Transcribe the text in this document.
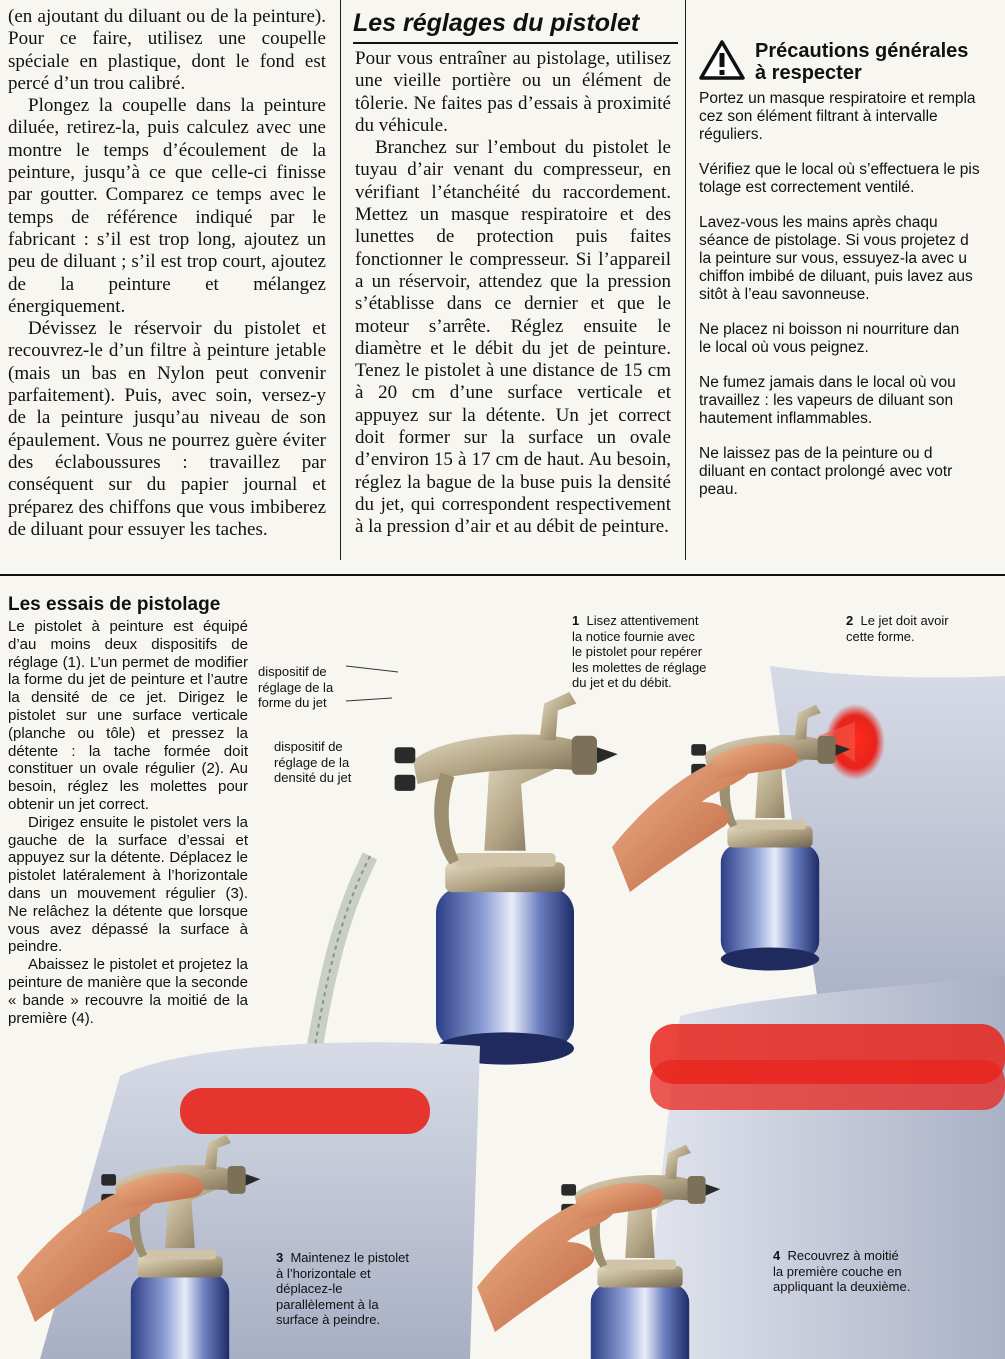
(en ajoutant du diluant ou de la peinture). Pour ce faire, utilisez une coupelle spéciale en plastique, dont le fond est percé d’un trou calibré.

Plongez la coupelle dans la peinture diluée, retirez-la, puis calculez avec une montre le temps d’écoulement de la peinture, jusqu’à ce que celle-ci finisse par goutter. Comparez ce temps avec le temps de référence indiqué par le fabricant : s’il est trop long, ajoutez un peu de diluant ; s’il est trop court, ajoutez de la peinture et mélangez énergiquement.

Dévissez le réservoir du pistolet et recouvrez-le d’un filtre à peinture jetable (mais un bas en Nylon peut convenir parfaitement). Puis, avec soin, versez-y de la peinture jusqu’au niveau de son épaulement. Vous ne pourrez guère éviter des éclaboussures : travaillez par conséquent sur du papier journal et préparez des chiffons que vous imbiberez de diluant pour essuyer les taches.

Les réglages du pistolet

Pour vous entraîner au pistolage, utilisez une vieille portière ou un élément de tôlerie. Ne faites pas d’essais à proximité du véhicule.

Branchez sur l’embout du pistolet le tuyau d’air venant du compresseur, en vérifiant l’étanchéité du raccordement. Mettez un masque respiratoire et des lunettes de protection puis faites fonctionner le compresseur. Si l’appareil a un réservoir, attendez que la pression s’établisse dans ce dernier et que le moteur s’arrête. Réglez ensuite le diamètre et le débit du jet de peinture. Tenez le pistolet à une distance de 15 cm à 20 cm d’une surface verticale et appuyez sur la détente. Un jet correct doit former sur la surface un ovale d’environ 15 à 17 cm de haut. Au besoin, réglez la bague de la buse puis la densité du jet, qui correspondent respectivement à la pression d’air et au débit de peinture.

Précautions générales
à respecter

Portez un masque respiratoire et rempla
cez son élément filtrant à intervalle
réguliers.

Vérifiez que le local où s’effectuera le pis
tolage est correctement ventilé.

Lavez-vous les mains après chaqu
séance de pistolage. Si vous projetez d
la peinture sur vous, essuyez-la avec u
chiffon imbibé de diluant, puis lavez aus
sitôt à l’eau savonneuse.

Ne placez ni boisson ni nourriture dan
le local où vous peignez.

Ne fumez jamais dans le local où vou
travaillez : les vapeurs de diluant son
hautement inflammables.

Ne laissez pas de la peinture ou d
diluant en contact prolongé avec votr
peau.

Les essais de pistolage

Le pistolet à peinture est équipé d’au moins deux dispositifs de réglage (1). L’un permet de modifier la forme du jet de peinture et l’autre la densité de ce jet. Dirigez le pistolet sur une surface verticale (planche ou tôle) et pressez la détente : la tache formée doit constituer un ovale régulier (2). Au besoin, réglez les molettes pour obtenir un jet correct.

Dirigez ensuite le pistolet vers la gauche de la surface d’essai et appuyez sur la détente. Déplacez le pistolet latéralement à l’horizontale dans un mouvement régulier (3). Ne relâchez la détente que lorsque vous avez dépassé la surface à peindre.

Abaissez le pistolet et projetez la peinture de manière que la seconde « bande » recouvre la moitié de la première (4).

dispositif de
réglage de la
forme du jet

dispositif de
réglage de la
densité du jet

1 Lisez attentivement
la notice fournie avec
le pistolet pour repérer
les molettes de réglage
du jet et du débit.

2 Le jet doit avoir
cette forme.

3 Maintenez le pistolet
à l’horizontale et
déplacez-le
parallèlement à la
surface à peindre.

4 Recouvrez à moitié
la première couche en
appliquant la deuxième.
